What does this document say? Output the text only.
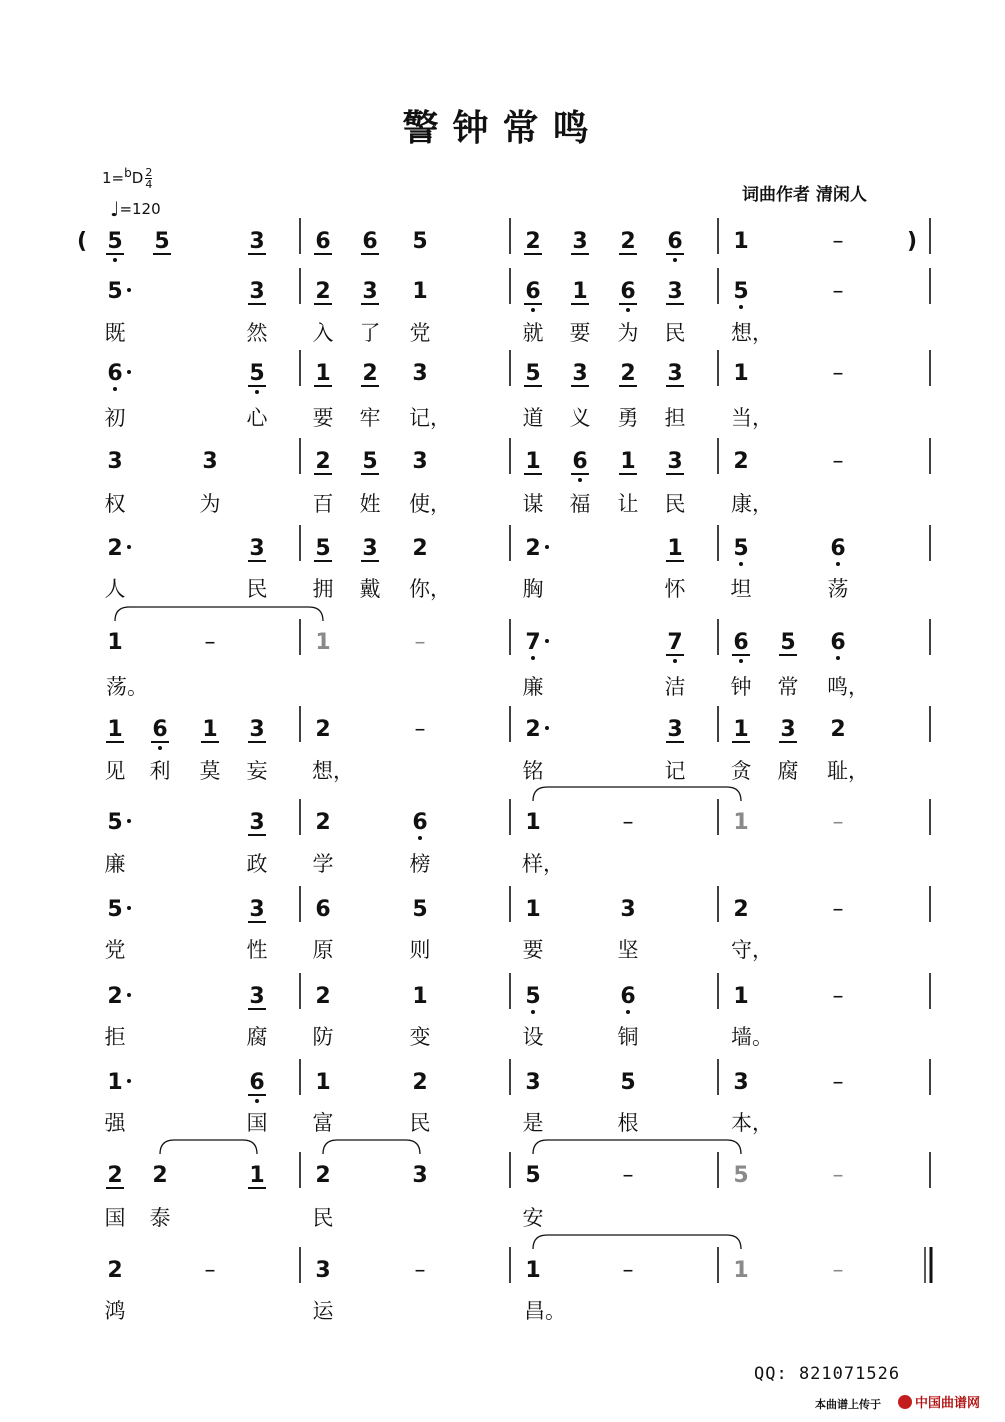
警钟常鸣
$1=^bD \frac{2}{4}$
♩=120
词曲作者 清闲人
( 5 5	3 6 6 5	2 3 2 6 1	–	)
5	3 2 3 1	6 1 6 3 5	–
既	然 入 了 党	就 要 为 民 想，
6	5 1 2 3	5 3 2 3 1	–
初	心 要 牢 记，	道 义 勇 担 当，
3	3	2 5 3	1 6 1 3 2	–
权	为	百 姓 使，	谋 福 让 民 康，
2	3 5 3 2	2	1 5	6
人	民 拥 戴 你，	胸	怀 坦	荡
1	–	1	–	7	7 6 5 6
荡。	廉	洁 钟 常 鸣，
1 6 1 3 2	–	2	3 1 3 2
见 利 莫 妄 想，	铭	记 贪 腐 耻，
5	3 2	6	1	–	1	–
廉	政 学	榜	样，
5	3 6	5	1	3	2	–
党	性 原	则	要	坚	守，
2	3 2	1	5	6	1	–
拒	腐 防	变	设	铜	墙。
1	6 1	2	3	5	3	–
强	国 富	民	是	根	本，
2 2	1 2	3	5	–	5	–
国 泰	民	安
2	–	3	–	1	–	1	–
鸿	运	昌。
QQ: 821071526
本曲谱上传于	中国曲谱网
